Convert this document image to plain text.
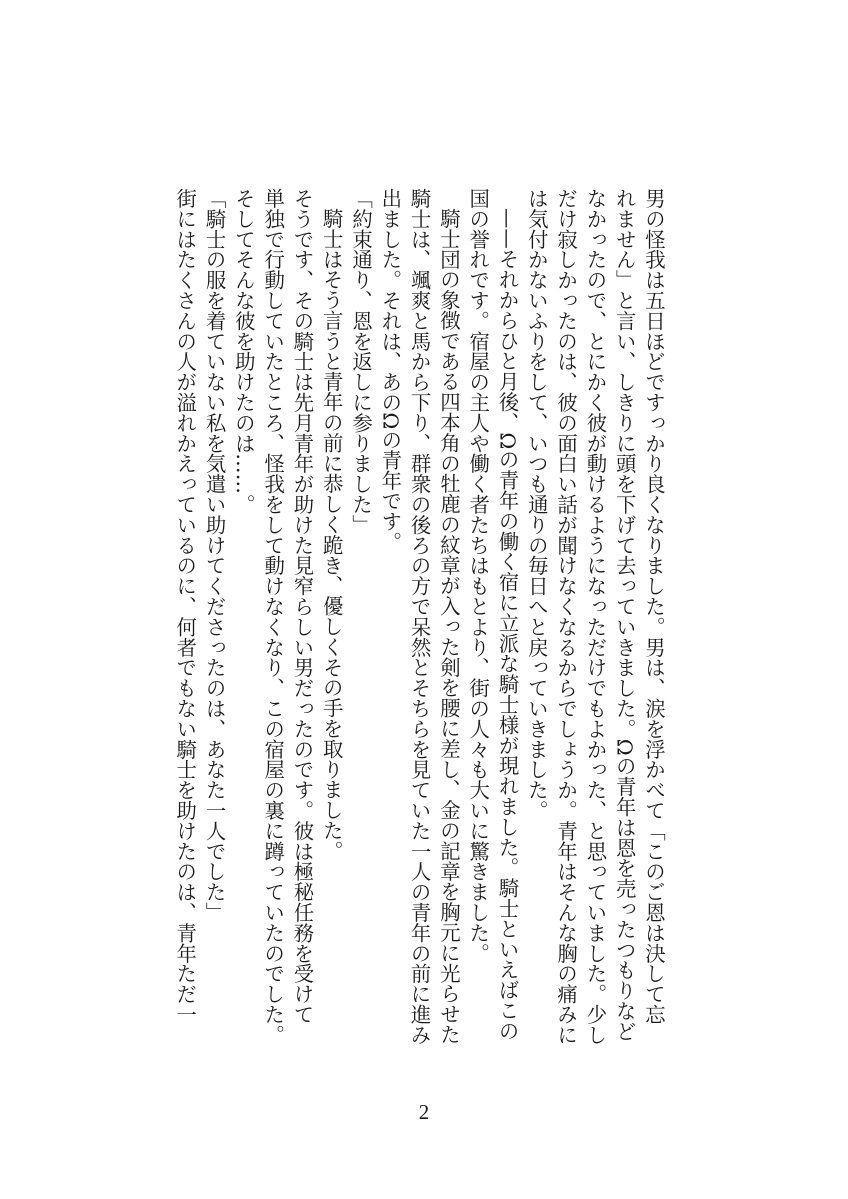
男の怪我は五日ほどですっかり良くなりました。男は、涙を浮かべて「このご恩は決して忘
れません」と言い、しきりに頭を下げて去っていきました。Ωの青年は恩を売ったつもりなど
なかったので、とにかく彼が動けるようになっただけでもよかった、と思っていました。少し
だけ寂しかったのは、彼の面白い話が聞けなくなるからでしょうか。青年はそんな胸の痛みに
は気付かないふりをして、いつも通りの毎日へと戻っていきました。
——それからひと月後、Ωの青年の働く宿に立派な騎士様が現れました。騎士といえばこの
国の誉れです。宿屋の主人や働く者たちはもとより、街の人々も大いに驚きました。
騎士団の象徴である四本角の牡鹿の紋章が入った剣を腰に差し、金の記章を胸元に光らせた
騎士は、颯爽と馬から下り、群衆の後ろの方で呆然とそちらを見ていた一人の青年の前に進み
出ました。それは、あのΩの青年です。
「約束通り、恩を返しに参りました」
騎士はそう言うと青年の前に恭しく跪き、優しくその手を取りました。
そうです、その騎士は先月青年が助けた見窄らしい男だったのです。彼は極秘任務を受けて
単独で行動していたところ、怪我をして動けなくなり、この宿屋の裏に蹲っていたのでした。
そしてそんな彼を助けたのは……。
「騎士の服を着ていない私を気遣い助けてくださったのは、あなた一人でした」
街にはたくさんの人が溢れかえっているのに、何者でもない騎士を助けたのは、青年ただ一
2
